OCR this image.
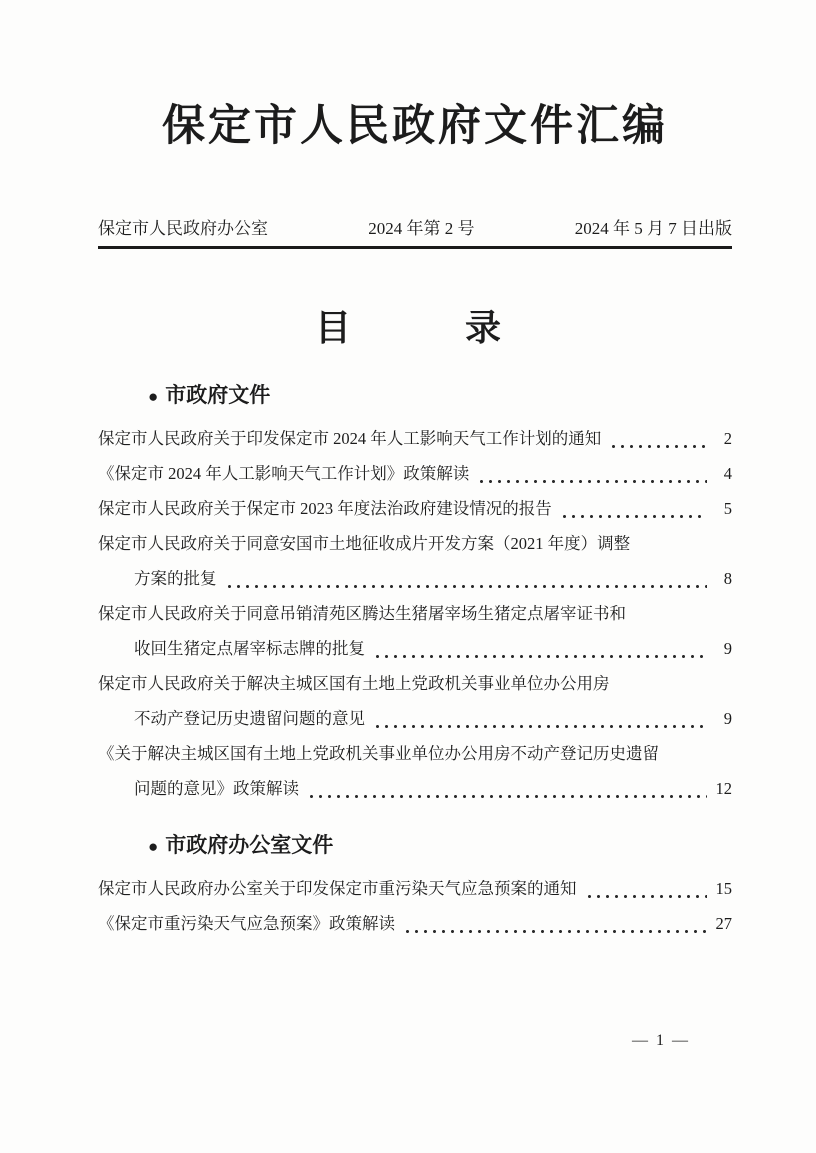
保定市人民政府文件汇编
保定市人民政府办公室	2024 年第 2 号	2024 年 5 月 7 日出版
目　　录
● 市政府文件
保定市人民政府关于印发保定市 2024 年人工影响天气工作计划的通知	2
《保定市 2024 年人工影响天气工作计划》政策解读	4
保定市人民政府关于保定市 2023 年度法治政府建设情况的报告	5
保定市人民政府关于同意安国市土地征收成片开发方案（2021 年度）调整
方案的批复	8
保定市人民政府关于同意吊销清苑区腾达生猪屠宰场生猪定点屠宰证书和
收回生猪定点屠宰标志牌的批复	9
保定市人民政府关于解决主城区国有土地上党政机关事业单位办公用房
不动产登记历史遗留问题的意见	9
《关于解决主城区国有土地上党政机关事业单位办公用房不动产登记历史遗留
问题的意见》政策解读	12
● 市政府办公室文件
保定市人民政府办公室关于印发保定市重污染天气应急预案的通知	15
《保定市重污染天气应急预案》政策解读	27
— 1 —
